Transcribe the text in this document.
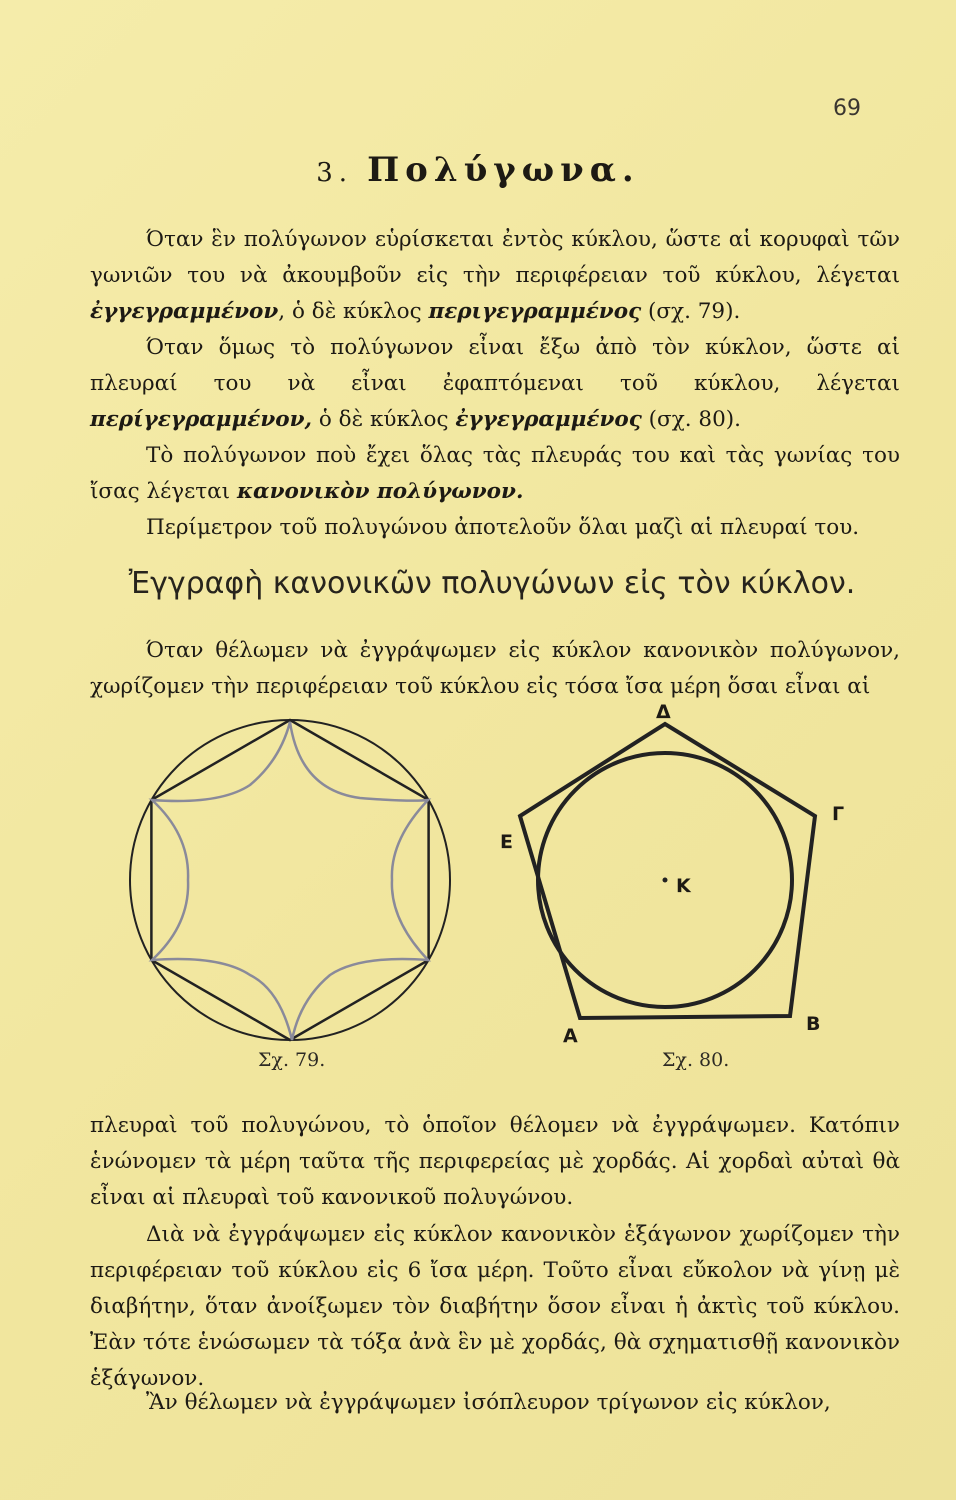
69
3. Πολύγωνα.

Όταν ἓν πολύγωνον εὑρίσκεται ἐντὸς κύκλου, ὥστε αἱ κορυφαὶ τῶν γωνιῶν του νὰ ἀκουμβοῦν εἰς τὴν περιφέρειαν τοῦ κύκλου, λέγεται ἐγγεγραμμένον, ὁ δὲ κύκλος περιγεγραμμένος (σχ. 79).

Όταν ὅμως τὸ πολύγωνον εἶναι ἔξω ἀπὸ τὸν κύκλον, ὥστε αἱ πλευραί του νὰ εἶναι ἐφαπτόμεναι τοῦ κύκλου, λέγεται περίγεγραμμένον, ὁ δὲ κύκλος ἐγγεγραμμένος (σχ. 80).

Τὸ πολύγωνον ποὺ ἔχει ὅλας τὰς πλευράς του καὶ τὰς γωνίας του ἴσας λέγεται κανονικὸν πολύγωνον.

Περίμετρον τοῦ πολυγώνου ἀποτελοῦν ὅλαι μαζὶ αἱ πλευραί του.

Ἐγγραφὴ κανονικῶν πολυγώνων εἰς τὸν κύκλον.

Όταν θέλωμεν νὰ ἐγγράψωμεν εἰς κύκλον κανονικὸν πολύγωνον, χωρίζομεν τὴν περιφέρειαν τοῦ κύκλου εἰς τόσα ἴσα μέρη ὅσαι εἶναι αἱ

Δ
Γ
Ε
Κ
Α
Β
Σχ. 79.	Σχ. 80.

πλευραὶ τοῦ πολυγώνου, τὸ ὁποῖον θέλομεν νὰ ἐγγράψωμεν. Κατόπιν ἑνώνομεν τὰ μέρη ταῦτα τῆς περιφερείας μὲ χορδάς. Αἱ χορδαὶ αὐταὶ θὰ εἶναι αἱ πλευραὶ τοῦ κανονικοῦ πολυγώνου.

Διὰ νὰ ἐγγράψωμεν εἰς κύκλον κανονικὸν ἑξάγωνον χωρίζομεν τὴν περιφέρειαν τοῦ κύκλου εἰς 6 ἴσα μέρη. Τοῦτο εἶναι εὔκολον νὰ γίνῃ μὲ διαβήτην, ὅταν ἀνοίξωμεν τὸν διαβήτην ὅσον εἶναι ἡ ἀκτὶς τοῦ κύκλου. Ἐὰν τότε ἑνώσωμεν τὰ τόξα ἀνὰ ἓν μὲ χορδάς, θὰ σχηματισθῇ κανονικὸν ἑξάγωνον.

Ἂν θέλωμεν νὰ ἐγγράψωμεν ἰσόπλευρον τρίγωνον εἰς κύκλον,
